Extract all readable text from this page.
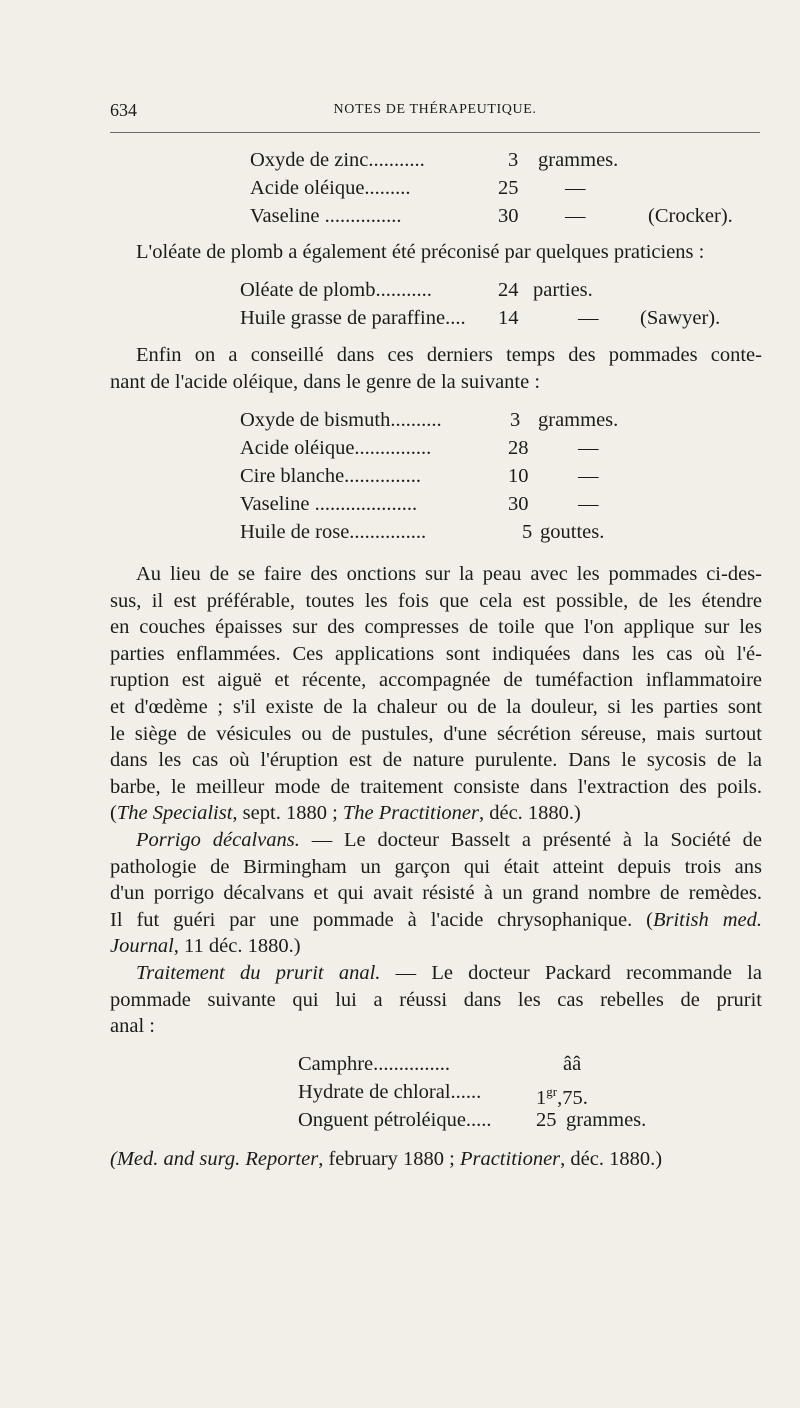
634	NOTES DE THÉRAPEUTIQUE.
Oxyde de zinc...........	3 grammes.
Acide oléique.........	25 —
Vaseline ...............	30 —	(Crocker).

L'oléate de plomb a également été préconisé par quelques praticiens :

Oléate de plomb...........	24 parties.
Huile grasse de paraffine.... 14	— (Sawyer).

Enfin on a conseillé dans ces derniers temps des pommades conte-
nant de l'acide oléique, dans le genre de la suivante :

Oxyde de bismuth..........	3 grammes.
Acide oléique...............	28 —
Cire blanche...............	10 —
Vaseline ....................	30 —
Huile de rose...............	5 gouttes.

Au lieu de se faire des onctions sur la peau avec les pommades ci-des-
sus, il est préférable, toutes les fois que cela est possible, de les étendre
en couches épaisses sur des compresses de toile que l'on applique sur les
parties enflammées. Ces applications sont indiquées dans les cas où l'é-
ruption est aiguë et récente, accompagnée de tuméfaction inflammatoire
et d'œdème ; s'il existe de la chaleur ou de la douleur, si les parties sont
le siège de vésicules ou de pustules, d'une sécrétion séreuse, mais surtout
dans les cas où l'éruption est de nature purulente. Dans le sycosis de la
barbe, le meilleur mode de traitement consiste dans l'extraction des poils.
(The Specialist, sept. 1880 ; The Practitioner, déc. 1880.)

Porrigo décalvans. — Le docteur Basselt a présenté à la Société de
pathologie de Birmingham un garçon qui était atteint depuis trois ans
d'un porrigo décalvans et qui avait résisté à un grand nombre de remèdes.
Il fut guéri par une pommade à l'acide chrysophanique. (British med.
Journal, 11 déc. 1880.)

Traitement du prurit anal. — Le docteur Packard recommande la
pommade suivante qui lui a réussi dans les cas rebelles de prurit
anal :

Camphre...............	ââ
Hydrate de chloral......	$1^{gr},75$.
Onguent pétroléique..... 25 grammes.

(Med. and surg. Reporter, february 1880 ; Practitioner, déc. 1880.)
